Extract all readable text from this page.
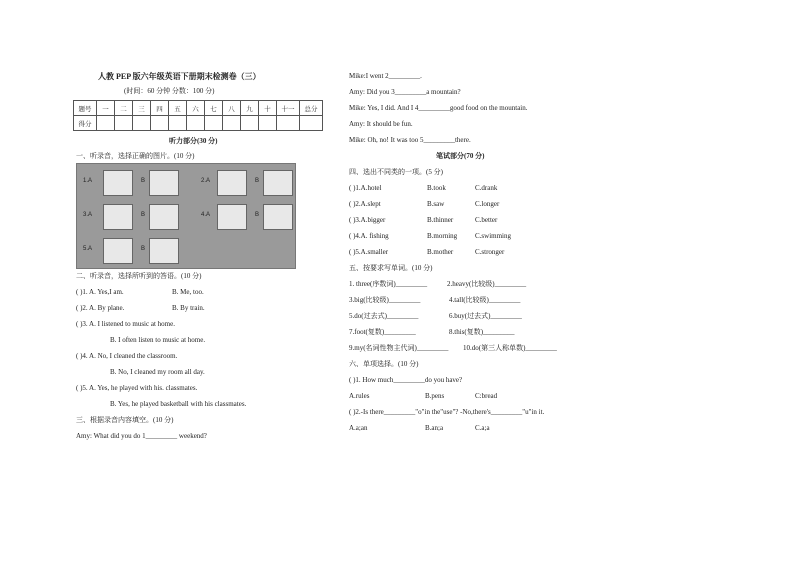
人教 PEP 版六年级英语下册期末检测卷（三）
(时间：60 分钟 分数：100 分)
题号	一	二	三	四	五	六	七	八	九	十	十一	总分
得分												
听力部分(30 分)
一、听录音，选择正确的图片。(10 分)
1.A	B	2.A	B
3.A	B	4.A	B
5.A	B
二、听录音，选择所听到的答语。(10 分)
( )1. A. Yes,I am.	B. Me, too.
( )2. A. By plane.	B. By train.
( )3. A. I listened to music at home.
B. I often listen to music at home.
( )4. A. No, I cleaned the classroom.
B. No, I cleaned my room all day.
( )5. A. Yes, he played with his. classmates.
B. Yes, he played basketball with his classmates.
三、根据录音内容填空。(10 分)
Amy: What did you do 1_________ weekend?
Mike:I went 2_________.
Amy: Did you 3_________a mountain?
Mike: Yes, I did. And I 4_________good food on the mountain.
Amy: It should be fun.
Mike: Oh, no! It was too 5_________there.
笔试部分(70 分)
四、选出不同类的一项。(5 分)
( )1.A.hotel	B.took	C.drank
( )2.A.slept	B.saw	C.longer
( )3.A.bigger	B.thinner	C.better
( )4.A. fishing	B.morning	C.swimming
( )5.A.smaller	B.mother	C.stronger
五、按要求写单词。(10 分)
1. three(序数词)_________	2.heavy(比较级)_________
3.big(比较级)_________	4.tall(比较级)_________
5.do(过去式)_________	6.buy(过去式)_________
7.foot(复数)_________	8.this(复数)_________
9.my(名词性物主代词)_________ 10.do(第三人称单数)_________
六、单项选择。(10 分)
( )1. How much_________do you have?
A.rules	B.pens	C:bread
( )2.-Is there_________"o"in the"use"? -No,there's_________"u"in it.
A.a;an	B.an;a	C.a;a
